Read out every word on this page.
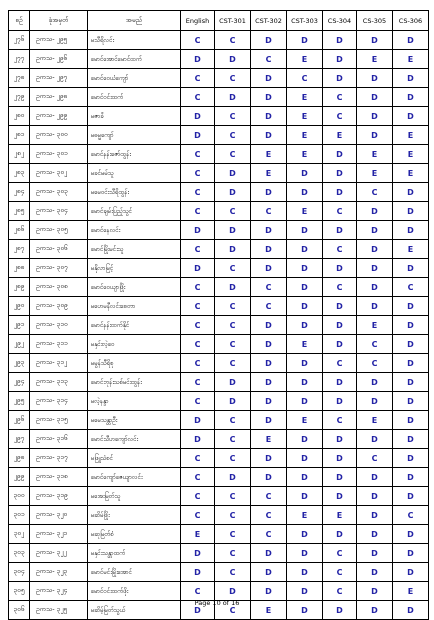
စဥ်	ခုံအမှတ်	အမည်	English	CST-301	CST-302	CST-303	CS-304	CS-305	CS-306
၂၇၆	ဥကသ- ၂၉၅	မသီရိလင်း	C	C	D	D	D	D	D
၂၇၇	ဥကသ- ၂၉၆	မောင်အောင်မောင်ထက်	D	D	C	E	D	E	E
၂၇၈	ဥကသ- ၂၉၇	မောင်ဝေယံကျော်	C	C	D	C	D	D	D
၂၇၉	ဥကသ- ၂၉၈	မောင်ဝင်းထက်	C	D	D	E	C	D	D
၂၈၀	ဥကသ- ၂၉၉	မဇာခ်ဲ	D	C	D	E	C	D	D
၂၈၁	ဥကသ- ၃၀၀	မဓမ္မကျော်	D	C	D	E	E	D	E
၂၈၂	ဥကသ- ၃၀၁	မောင်နန်းဇော်ထွန်း	C	C	E	E	D	E	E
၂၈၃	ဥကသ- ၃၀၂	မခင်မမ်သူ	C	D	E	D	D	E	E
၂၈၄	ဥကသ- ၃၀၃	မမေဝင်းသီရိထွန်း	C	D	D	D	D	C	D
၂၈၅	ဥကသ- ၃၀၄	မောင်ချမ်းပြည့်သွင်	C	C	C	E	C	D	D
၂၈၆	ဥကသ- ၃၀၅	မောင်နေလင်း	D	D	D	D	D	D	D
၂၈၇	ဥကသ- ၃၀၆	မောင်မြိုးမင်းသူ	C	D	D	D	C	D	E
၂၈၈	ဥကသ- ၃၀၇	မနိုလာမြင့်	D	C	D	D	D	D	D
၂၈၉	ဥကသ- ၃၀၈	မောင်ဝေယျာဖြိုး	C	D	C	D	C	D	C
၂၉၀	ဥကသ- ၃၀၉	မဟေမနီလင်းစေတာ	C	C	C	D	D	D	D
၂၉၁	ဥကသ- ၃၁၀	မောင်နန်းထက်နိုင်	C	C	D	D	D	E	D
၂၉၂	ဥကသ- ၃၁၁	မနှင်းလဲ့ဝေ	C	C	D	E	D	C	D
၂၉၃	ဥကသ- ၃၁၂	မမွန်သီရိစု	C	C	D	D	C	C	D
၂၉၄	ဥကသ- ၃၁၃	မောင်ဘုန်းသစ်မင်းထွန်း	C	D	D	D	D	D	D
၂၉၅	ဥကသ- ၃၁၄	မလဲ့နန္ဒာ	C	D	D	D	D	D	D
၂၉၆	ဥကသ- ၃၁၅	မမေသန္တာဦး	D	C	D	E	C	E	D
၂၉၇	ဥကသ- ၃၁၆	မောင်သီဟကျော်လင်း	D	C	E	D	D	D	D
၂၉၈	ဥကသ- ၃၁၇	မဖြူသံစင်	C	C	D	D	D	C	D
၂၉၉	ဥကသ- ၃၁၈	မောင်ကျော်ဇေယျာလင်း	C	D	D	D	D	D	D
၃၀၀	ဥကသ- ၃၁၉	မအေးမြတ်သူ	C	C	C	D	D	D	D
၃၀၁	ဥကသ- ၃၂၀	မဆိမ်ဖြိုး	C	C	C	E	E	D	C
၃၀၂	ဥကသ- ၃၂၁	မဆုမြတ်စံ	E	C	C	D	D	D	D
၃၀၃	ဥကသ- ၃၂၂	မနှင်းသန္တာထက်	D	C	D	D	C	D	D
၃၀၄	ဥကသ- ၃၂၃	မောင်မင်းမြိုးအောင်	D	C	D	D	C	D	D
၃၀၅	ဥကသ- ၃၂၄	မောင်ဝင်းထက်ဖိုး	C	D	D	D	C	D	E
၃၀၆	ဥကသ- ၃၂၅	မဆိမ့်မြတ်သွယ်	D	C	E	D	D	D	D
Page 10 of 16
